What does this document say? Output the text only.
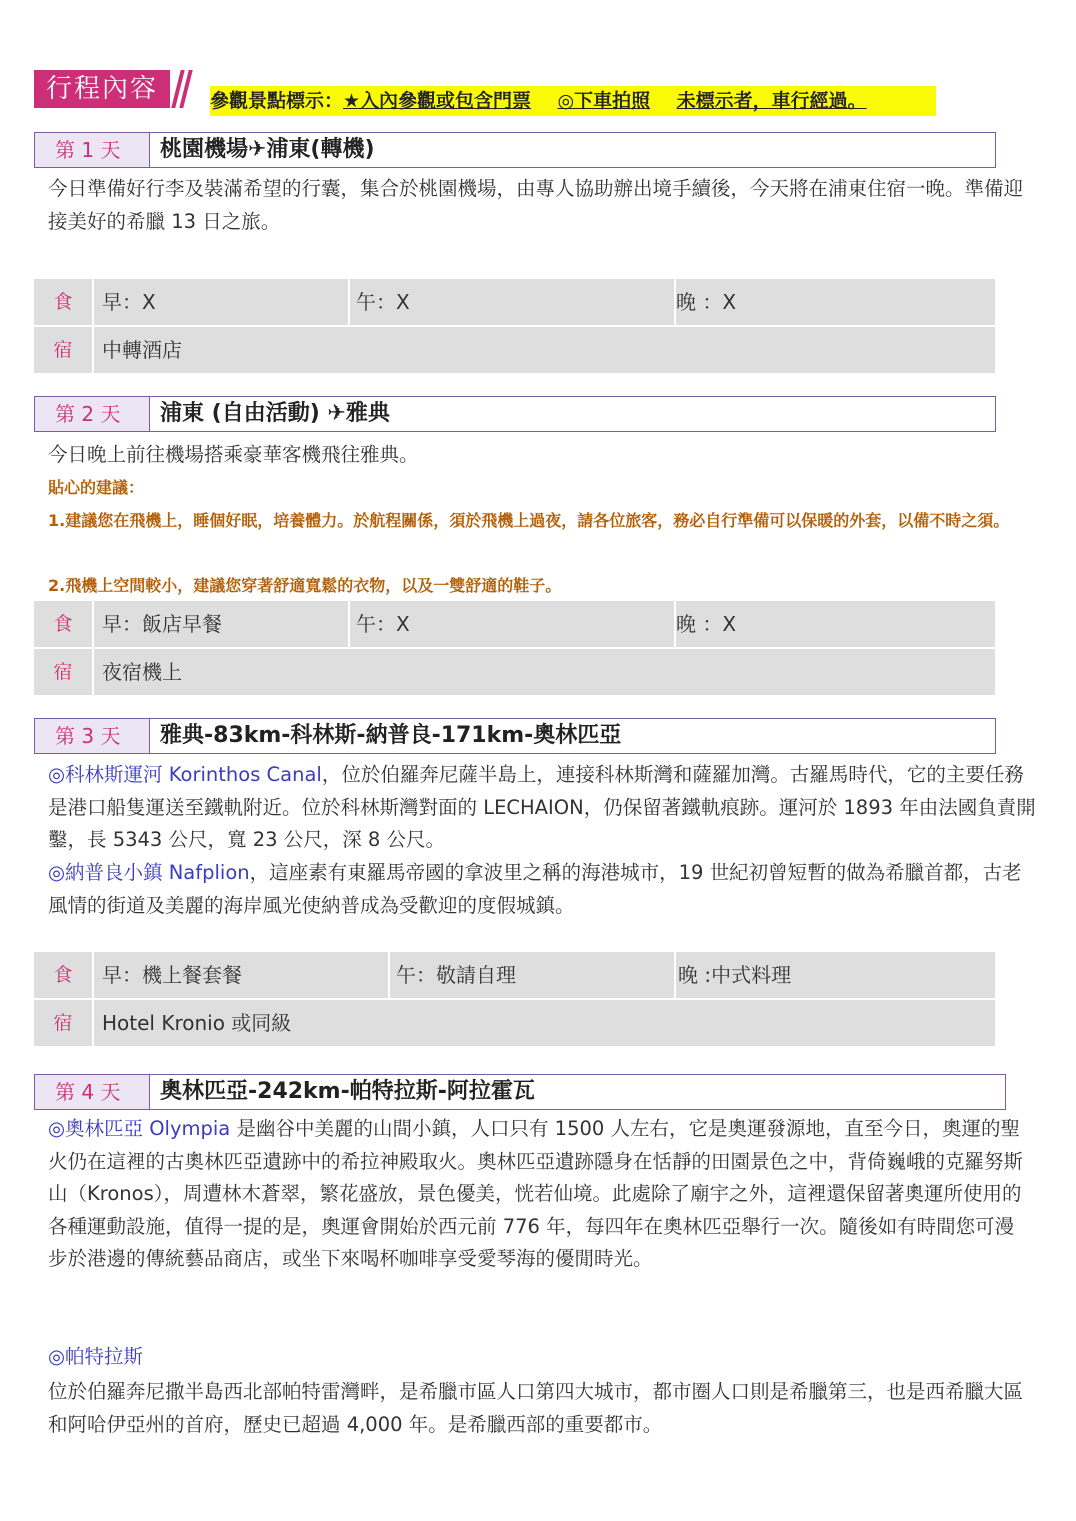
行程內容	參觀景點標示：★入內參觀或包含門票 ◎下車拍照 未標示者，車行經過。
第 1 天	桃園機場✈浦東(轉機)
今日準備好行李及裝滿希望的行囊，集合於桃園機場，由專人協助辦出境手續後，今天將在浦東住宿一晚。準備迎接美好的希臘 13 日之旅。
食	早：X	午：X	晚 ：X
宿	中轉酒店
第 2 天	浦東 (自由活動) ✈雅典
今日晚上前往機場搭乘豪華客機飛往雅典。
貼心的建議：
1.建議您在飛機上，睡個好眠，培養體力。於航程關係，須於飛機上過夜，請各位旅客，務必自行準備可以保暖的外套，以備不時之須。
2.飛機上空間較小，建議您穿著舒適寬鬆的衣物，以及一雙舒適的鞋子。
食	早：飯店早餐	午：X	晚 ：X
宿	夜宿機上
第 3 天	雅典-83km-科林斯-納普良-171km-奧林匹亞
◎科林斯運河 Korinthos Canal，位於伯羅奔尼薩半島上，連接科林斯灣和薩羅加灣。古羅馬時代，它的主要任務是港口船隻運送至鐵軌附近。位於科林斯灣對面的 LECHAION，仍保留著鐵軌痕跡。運河於 1893 年由法國負責開鑿，長 5343 公尺，寬 23 公尺，深 8 公尺。
◎納普良小鎮 Nafplion，這座素有東羅馬帝國的拿波里之稱的海港城市，19 世紀初曾短暫的做為希臘首都，古老風情的街道及美麗的海岸風光使納普成為受歡迎的度假城鎮。
食	早：機上餐套餐	午：敬請自理	晚 :中式料理
宿	Hotel Kronio 或同級
第 4 天	奧林匹亞-242km-帕特拉斯-阿拉霍瓦
◎奧林匹亞 Olympia 是幽谷中美麗的山間小鎮，人口只有 1500 人左右，它是奧運發源地，直至今日，奧運的聖火仍在這裡的古奧林匹亞遺跡中的希拉神殿取火。奧林匹亞遺跡隱身在恬靜的田園景色之中，背倚巍峨的克羅努斯山（Kronos），周遭林木蒼翠，繁花盛放，景色優美，恍若仙境。此處除了廟宇之外，這裡還保留著奧運所使用的各種運動設施，值得一提的是，奧運會開始於西元前 776 年，每四年在奧林匹亞舉行一次。隨後如有時間您可漫步於港邊的傳統藝品商店，或坐下來喝杯咖啡享受愛琴海的優閒時光。
◎帕特拉斯
位於伯羅奔尼撒半島西北部帕特雷灣畔，是希臘市區人口第四大城市，都市圈人口則是希臘第三，也是西希臘大區和阿哈伊亞州的首府，歷史已超過 4,000 年。是希臘西部的重要都市。
